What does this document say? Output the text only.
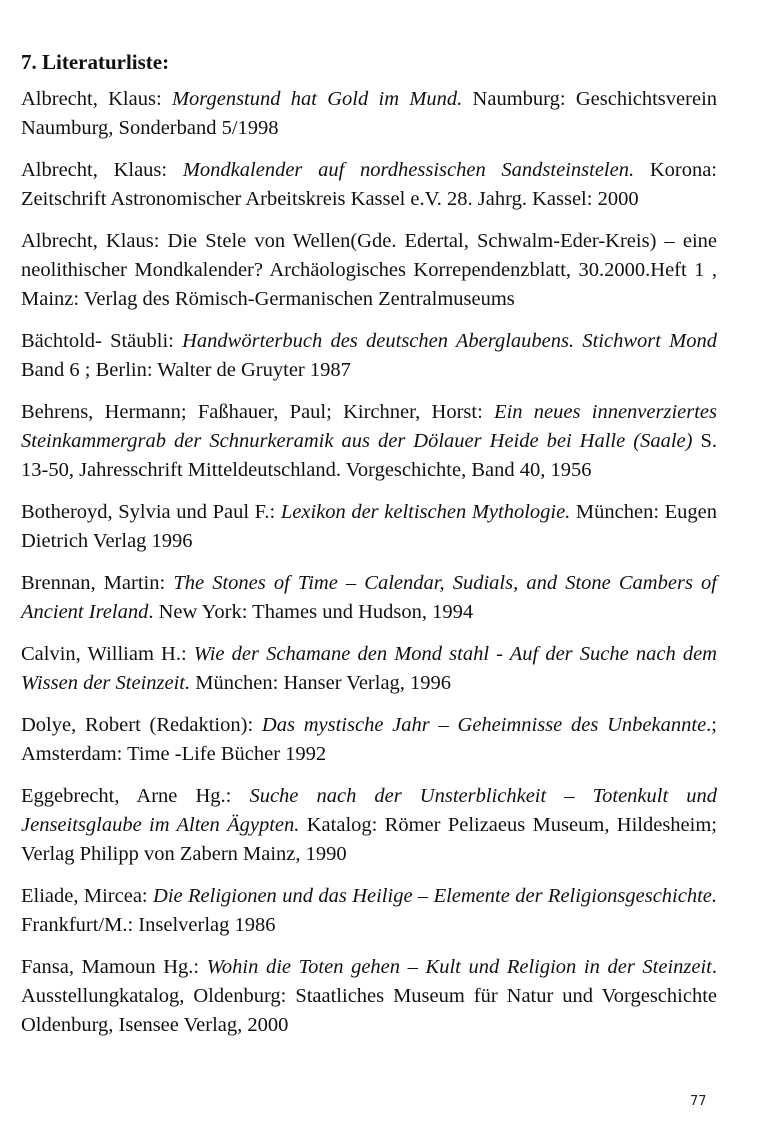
7. Literaturliste:

Albrecht, Klaus: Morgenstund hat Gold im Mund. Naumburg: Geschichtsverein Naumburg, Sonderband 5/1998

Albrecht, Klaus: Mondkalender auf nordhessischen Sandsteinstelen. Korona: Zeitschrift Astronomischer Arbeitskreis Kassel e.V. 28. Jahrg. Kassel: 2000

Albrecht, Klaus: Die Stele von Wellen(Gde. Edertal, Schwalm-Eder-Kreis) – eine neolithischer Mondkalender? Archäologisches Korrependenzblatt, 30.2000.Heft 1 , Mainz: Verlag des Römisch-Germanischen Zentralmuseums

Bächtold- Stäubli: Handwörterbuch des deutschen Aberglaubens. Stichwort Mond Band 6 ; Berlin: Walter de Gruyter 1987

Behrens, Hermann; Faßhauer, Paul; Kirchner, Horst: Ein neues innenverziertes Steinkammergrab der Schnurkeramik aus der Dölauer Heide bei Halle (Saale) S. 13-50, Jahresschrift Mitteldeutschland. Vorgeschichte, Band 40, 1956

Botheroyd, Sylvia und Paul F.: Lexikon der keltischen Mythologie. München: Eugen Dietrich Verlag 1996

Brennan, Martin: The Stones of Time – Calendar, Sudials, and Stone Cambers of Ancient Ireland. New York: Thames und Hudson, 1994

Calvin, William H.: Wie der Schamane den Mond stahl - Auf der Suche nach dem Wissen der Steinzeit. München: Hanser Verlag, 1996

Dolye, Robert (Redaktion): Das mystische Jahr – Geheimnisse des Unbekannte.; Amsterdam: Time -Life Bücher 1992

Eggebrecht, Arne Hg.: Suche nach der Unsterblichkeit – Totenkult und Jenseitsglaube im Alten Ägypten. Katalog: Römer Pelizaeus Museum, Hildesheim; Verlag Philipp von Zabern Mainz, 1990

Eliade, Mircea: Die Religionen und das Heilige – Elemente der Religionsgeschichte. Frankfurt/M.: Inselverlag 1986

Fansa, Mamoun Hg.: Wohin die Toten gehen – Kult und Religion in der Steinzeit. Ausstellungkatalog, Oldenburg: Staatliches Museum für Natur und Vorgeschichte Oldenburg, Isensee Verlag, 2000

77
